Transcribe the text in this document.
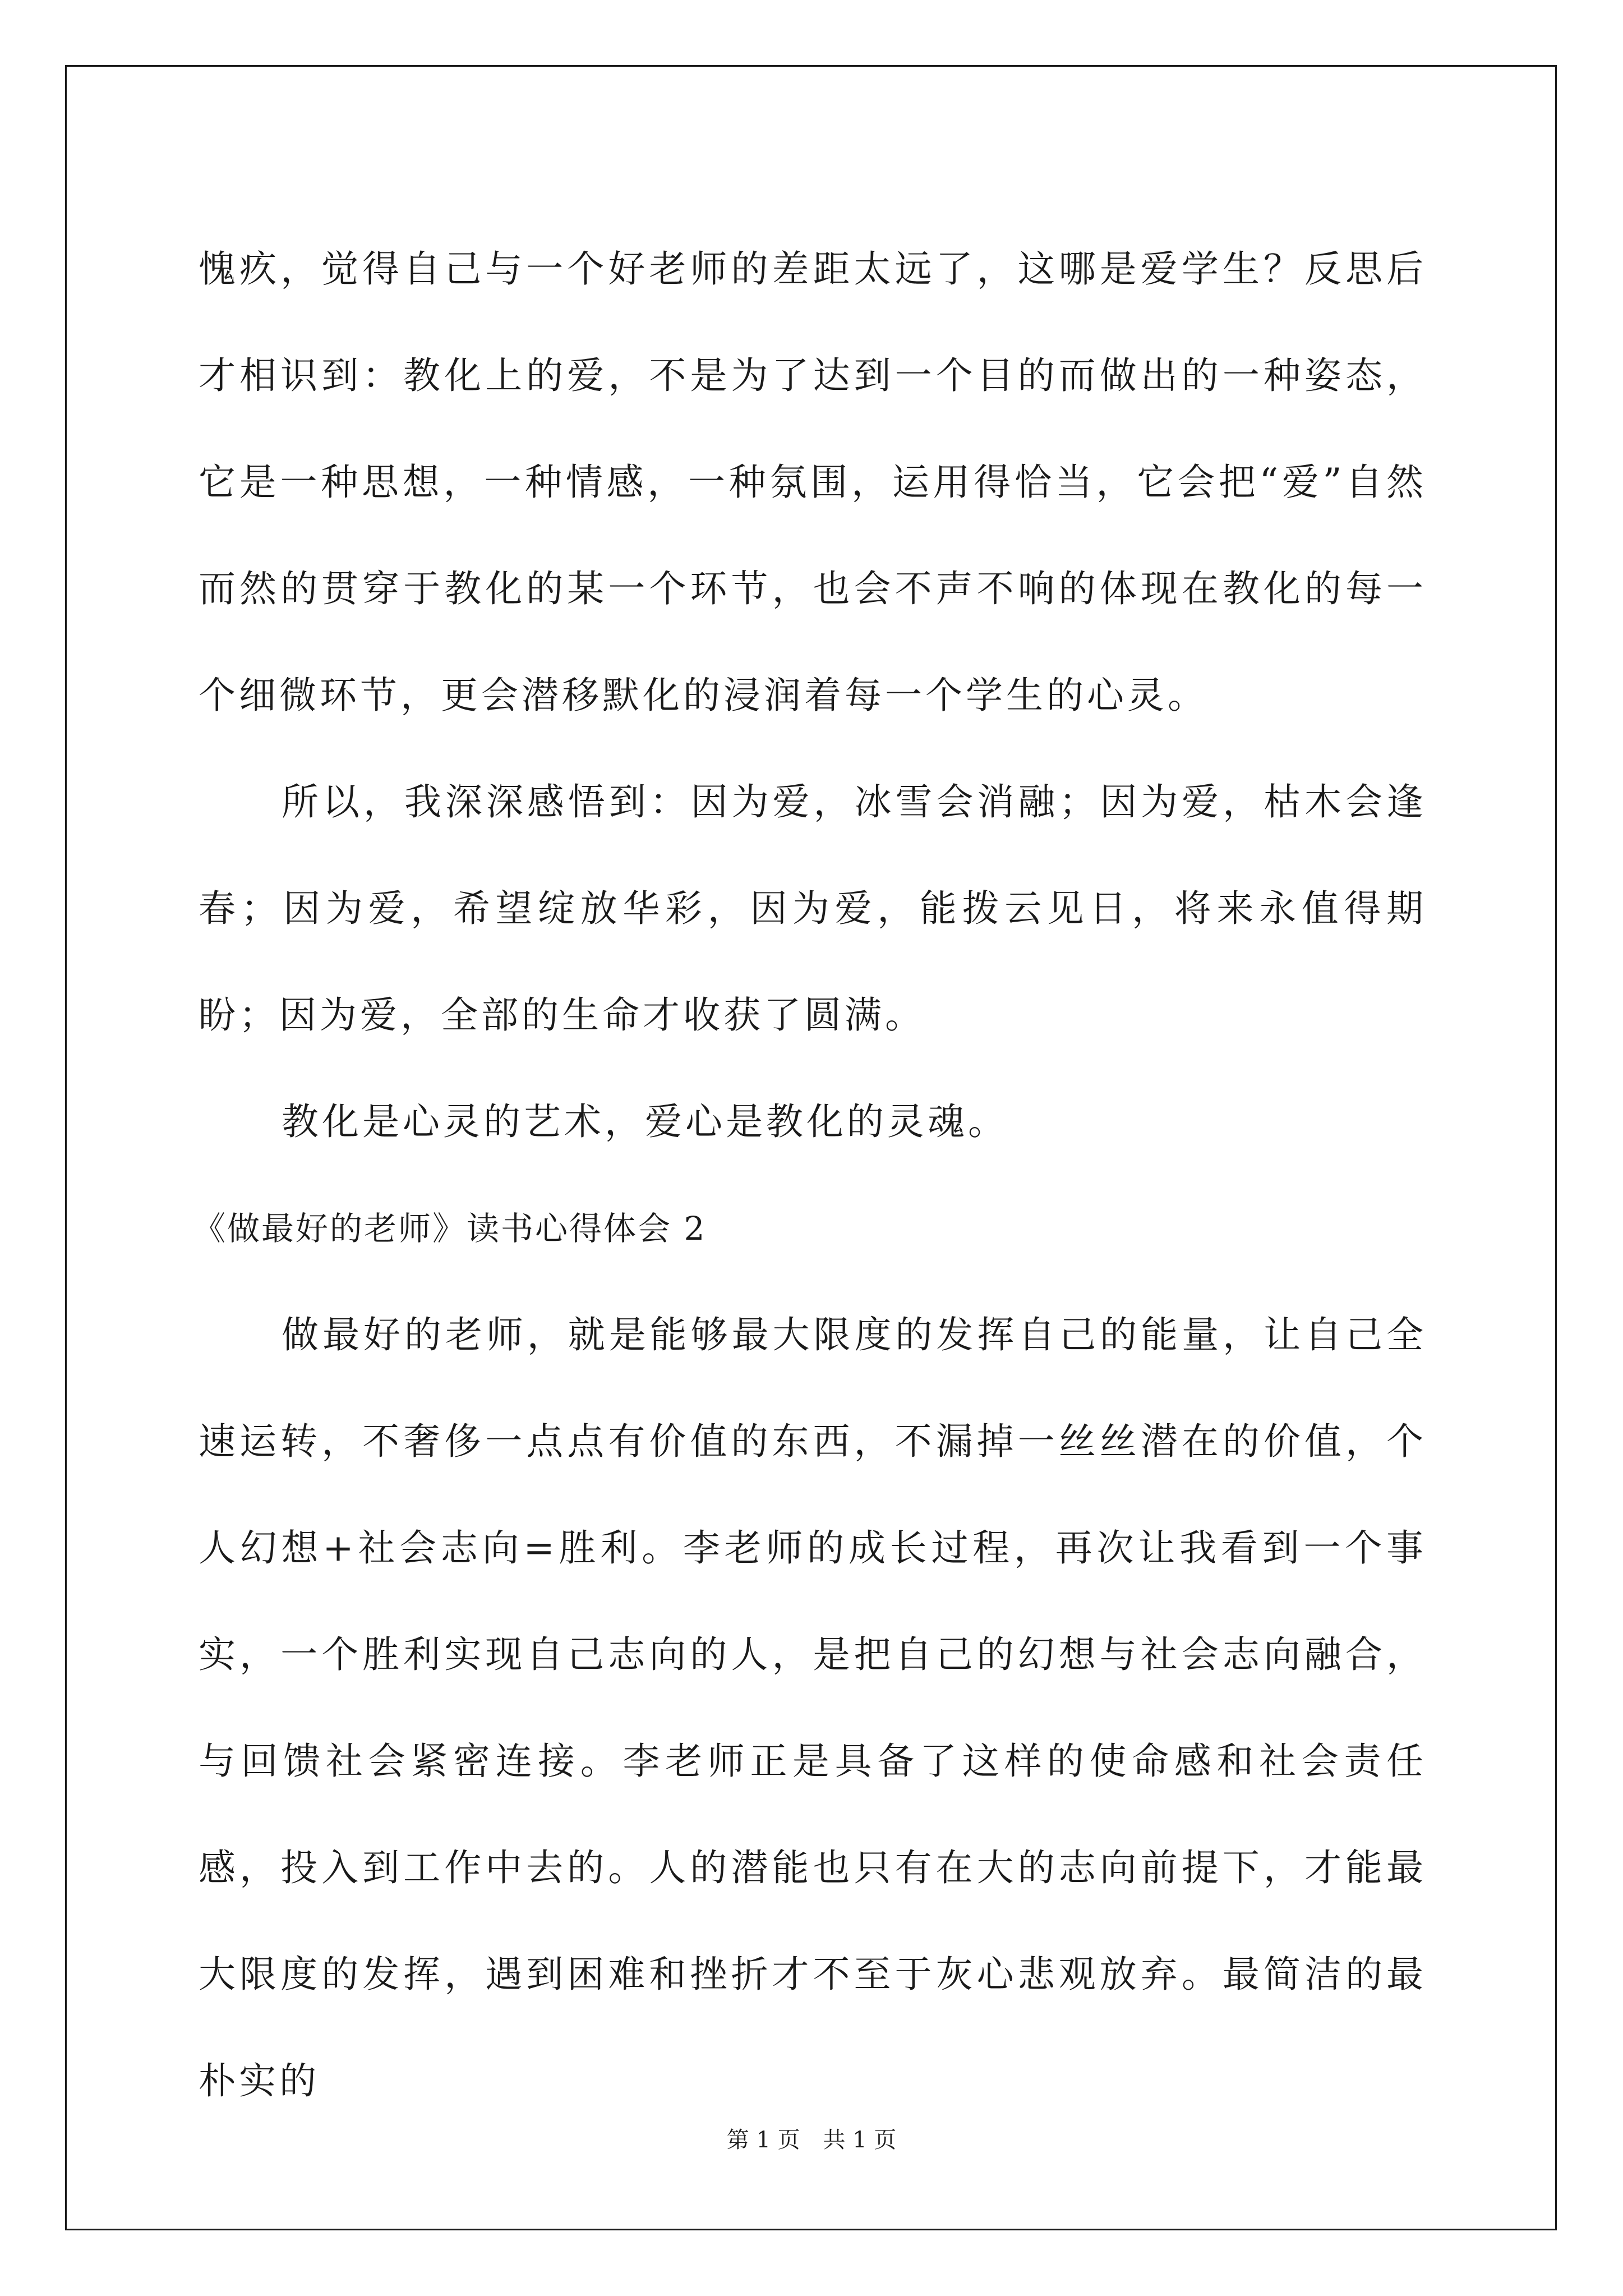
愧疚，觉得自己与一个好老师的差距太远了，这哪是爱学生？反思后才相识到：教化上的爱，不是为了达到一个目的而做出的一种姿态，它是一种思想，一种情感，一种氛围，运用得恰当，它会把“爱”自然而然的贯穿于教化的某一个环节，也会不声不响的体现在教化的每一个细微环节，更会潜移默化的浸润着每一个学生的心灵。

所以，我深深感悟到：因为爱，冰雪会消融；因为爱，枯木会逢春；因为爱，希望绽放华彩，因为爱，能拨云见日，将来永值得期盼；因为爱，全部的生命才收获了圆满。

教化是心灵的艺术，爱心是教化的灵魂。

《做最好的老师》读书心得体会 2

做最好的老师，就是能够最大限度的发挥自己的能量，让自己全速运转，不奢侈一点点有价值的东西，不漏掉一丝丝潜在的价值，个人幻想+社会志向=胜利。李老师的成长过程，再次让我看到一个事实，一个胜利实现自己志向的人，是把自己的幻想与社会志向融合，与回馈社会紧密连接。李老师正是具备了这样的使命感和社会责任感，投入到工作中去的。人的潜能也只有在大的志向前提下，才能最大限度的发挥，遇到困难和挫折才不至于灰心悲观放弃。最简洁的最朴实的

第 1 页 共 1 页
